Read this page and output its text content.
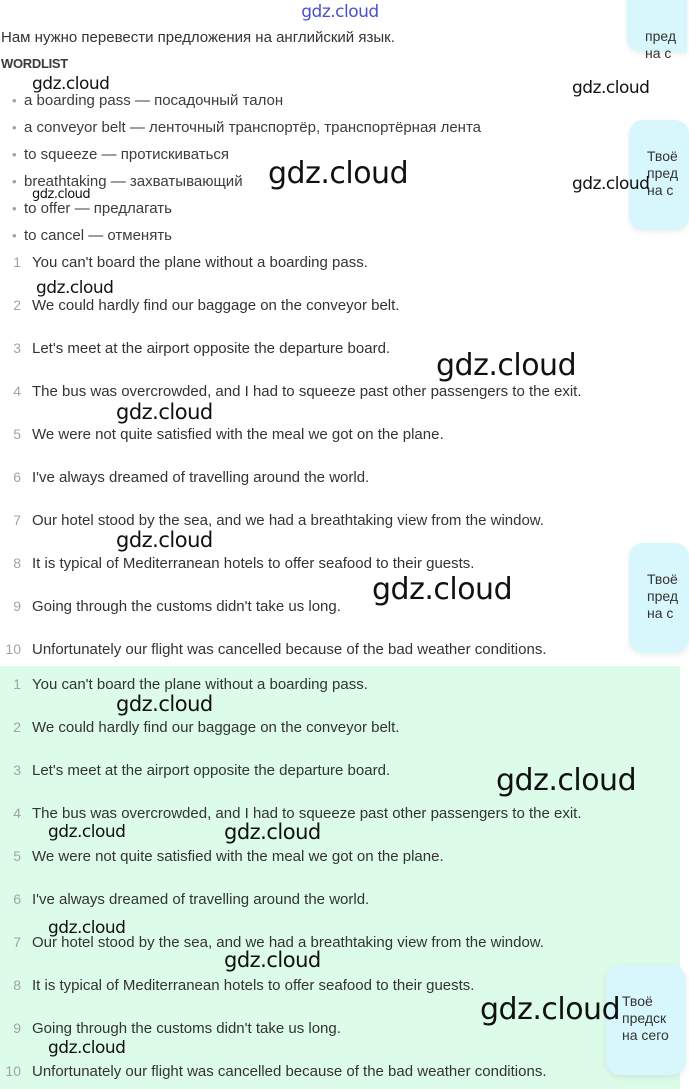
gdz.cloud
Нам нужно перевести предложения на английский язык.
WORDLIST
• a boarding pass — посадочный талон
• a conveyor belt — ленточный транспортёр, транспортёрная лента
• to squeeze — протискиваться
• breathtaking — захватывающий
• to offer — предлагать
• to cancel — отменять
1. 1 You can't board the plane without a boarding pass.
2. 2 We could hardly find our baggage on the conveyor belt.
3. 3 Let's meet at the airport opposite the departure board.
4. 4 The bus was overcrowded, and I had to squeeze past other passengers to the exit.
5. 5 We were not quite satisfied with the meal we got on the plane.
6. 6 I've always dreamed of travelling around the world.
7. 7 Our hotel stood by the sea, and we had a breathtaking view from the window.
8. 8 It is typical of Mediterranean hotels to offer seafood to their guests.
9. 9 Going through the customs didn't take us long.
10. 10 Unfortunately our flight was cancelled because of the bad weather conditions.
1. 1 You can't board the plane without a boarding pass.
2. 2 We could hardly find our baggage on the conveyor belt.
3. 3 Let's meet at the airport opposite the departure board.
4. 4 The bus was overcrowded, and I had to squeeze past other passengers to the exit.
5. 5 We were not quite satisfied with the meal we got on the plane.
6. 6 I've always dreamed of travelling around the world.
7. 7 Our hotel stood by the sea, and we had a breathtaking view from the window.
8. 8 It is typical of Mediterranean hotels to offer seafood to their guests.
9. 9 Going through the customs didn't take us long.
10. 10 Unfortunately our flight was cancelled because of the bad weather conditions.
пред
на с
Твоё
пред
на с
Твоё
пред
на с
Твоё
предск
на сего
gdz.cloud	gdz.cloud
gdz.cloud
gdz.cloud
gdz.cloud
gdz.cloud
gdz.cloud
gdz.cloud
gdz.cloud
gdz.cloud
gdz.cloud
gdz.cloud
gdz.cloud	gdz.cloud
gdz.cloud
gdz.cloud
gdz.cloud
gdz.cloud
